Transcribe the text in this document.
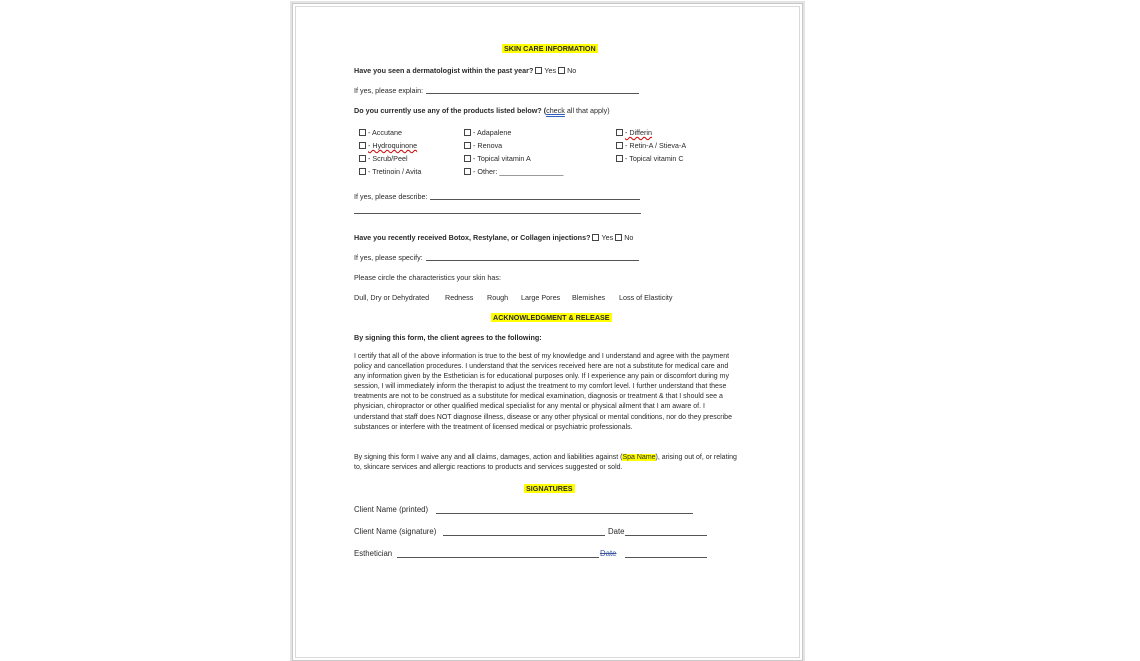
SKIN CARE INFORMATION
Have you seen a dermatologist within the past year? Yes No
If yes, please explain:
Do you currently use any of the products listed below? (check all that apply)
- Accutane
- Hydroquinone
- Scrub/Peel
- Tretinoin / Avita
- Adapalene
- Renova
- Topical vitamin A
- Other: ________________
- Differin
- Retin-A / Stieva-A
- Topical vitamin C
If yes, please describe:
Have you recently received Botox, Restylane, or Collagen injections? Yes No
If yes, please specify:
Please circle the characteristics your skin has:
Dull, Dry or Dehydrated Redness Rough Large Pores Blemishes Loss of Elasticity
ACKNOWLEDGMENT & RELEASE
By signing this form, the client agrees to the following:
I certify that all of the above information is true to the best of my knowledge and I understand and agree with the payment policy and cancellation procedures. I understand that the services received here are not a substitute for medical care and any information given by the Esthetician is for educational purposes only. If I experience any pain or discomfort during my session, I will immediately inform the therapist to adjust the treatment to my comfort level. I further understand that these treatments are not to be construed as a substitute for medical examination, diagnosis or treatment & that I should see a physician, chiropractor or other qualified medical specialist for any mental or physical ailment that I am aware of. I understand that staff does NOT diagnose illness, disease or any other physical or mental conditions, nor do they prescribe substances or interfere with the treatment of licensed medical or psychiatric professionals.
By signing this form I waive any and all claims, damages, action and liabilities against (Spa Name), arising out of, or relating to, skincare services and allergic reactions to products and services suggested or sold.
SIGNATURES
Client Name (printed)
Client Name (signature)	Date
Esthetician	Date
